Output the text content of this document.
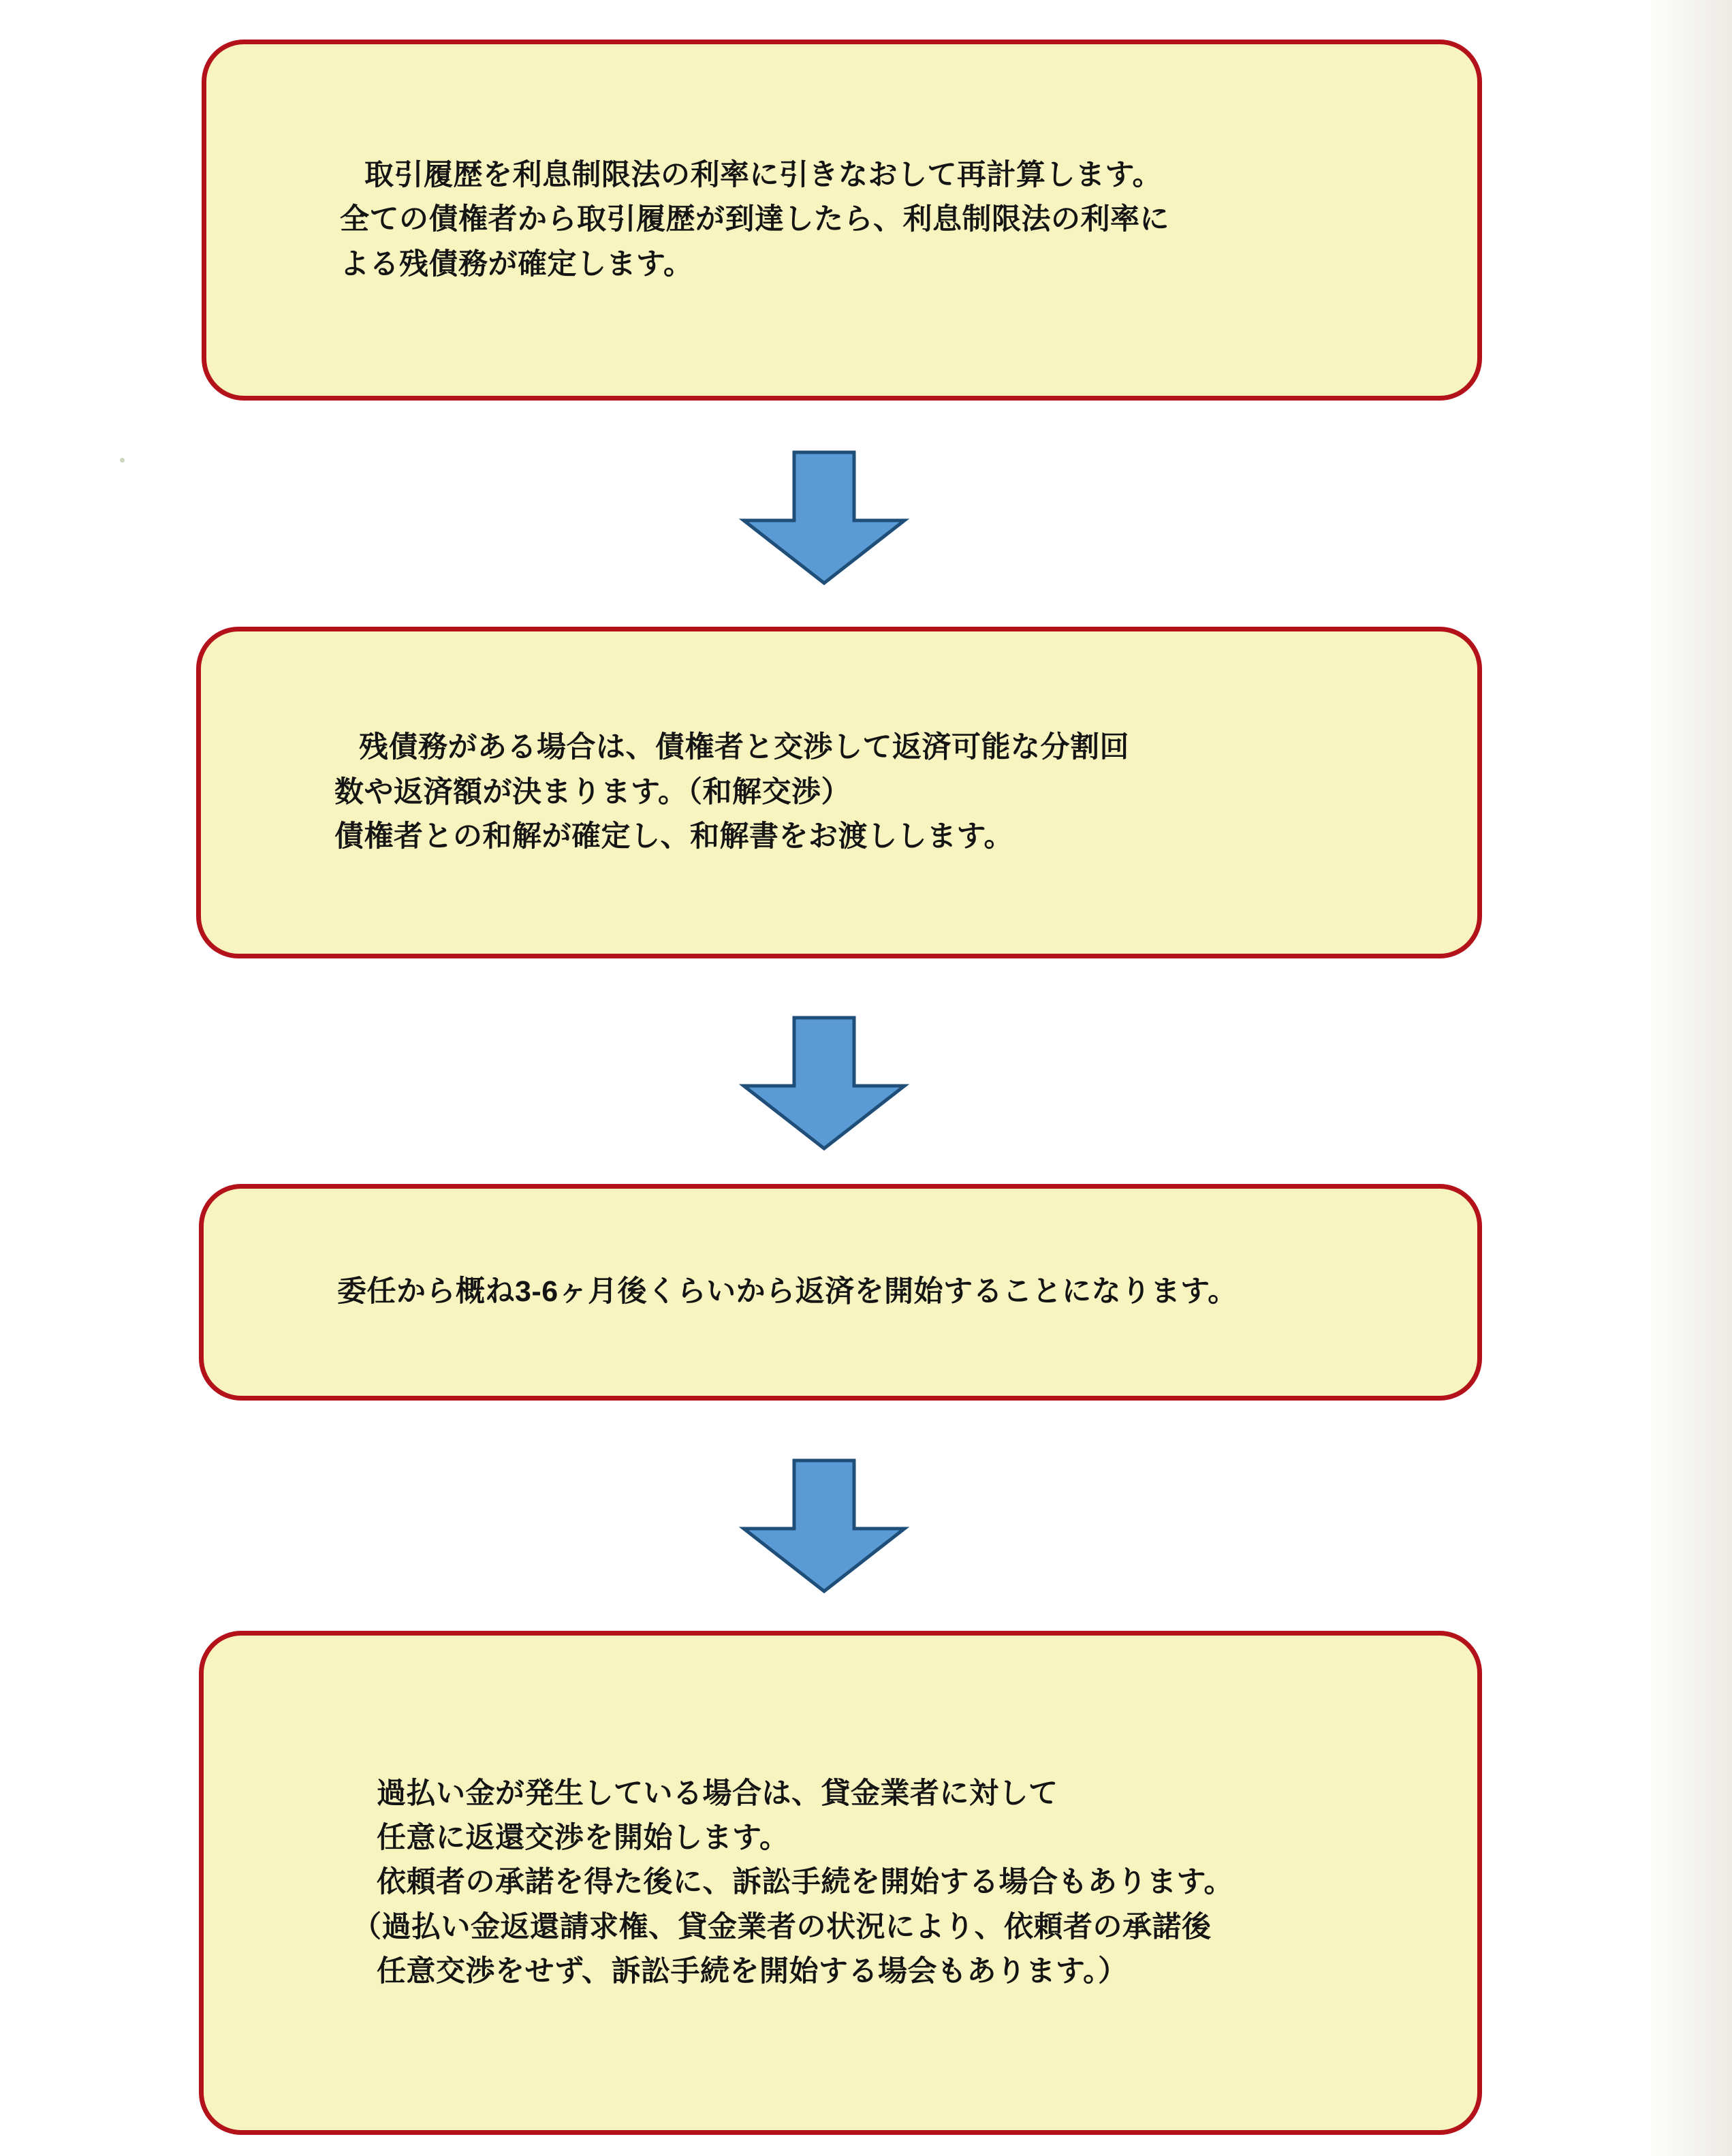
取引履歴を利息制限法の利率に引きなおして再計算します。
全ての債権者から取引履歴が到達したら、利息制限法の利率に
よる残債務が確定します。
残債務がある場合は、債権者と交渉して返済可能な分割回
数や返済額が決まります。（和解交渉）
債権者との和解が確定し、和解書をお渡しします。
委任から概ね3-6ヶ月後くらいから返済を開始することになります。
過払い金が発生している場合は、貸金業者に対して
任意に返還交渉を開始します。
依頼者の承諾を得た後に、訴訟手続を開始する場合もあります。
（過払い金返還請求権、貸金業者の状況により、依頼者の承諾後
任意交渉をせず、訴訟手続を開始する場会もあります。）
